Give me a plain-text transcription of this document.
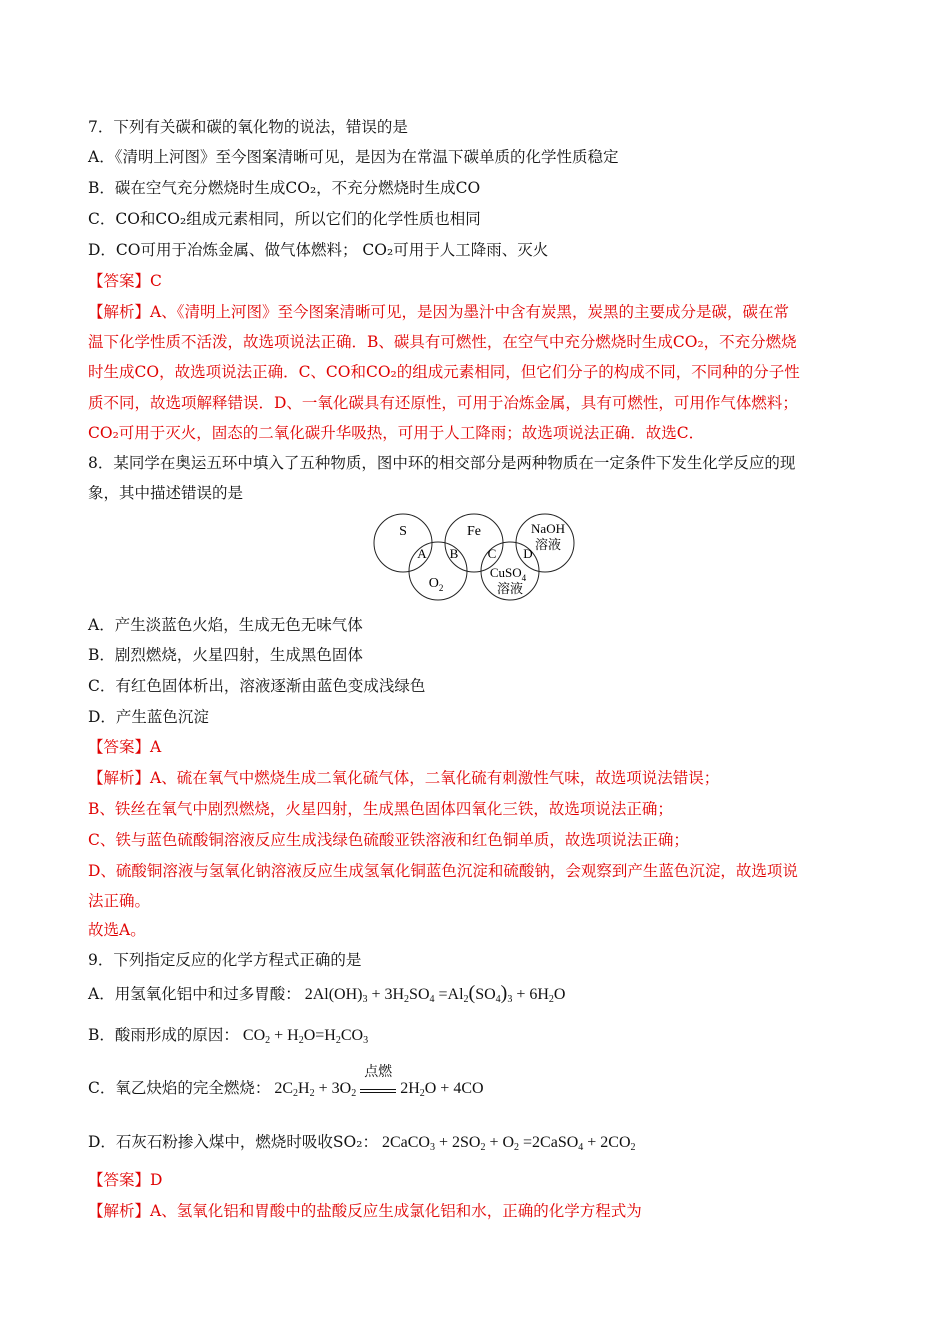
7．下列有关碳和碳的氧化物的说法，错误的是
A．《清明上河图》至今图案清晰可见，是因为在常温下碳单质的化学性质稳定
B．碳在空气充分燃烧时生成CO₂，不充分燃烧时生成CO
C．CO和CO₂组成元素相同，所以它们的化学性质也相同
D．CO可用于冶炼金属、做气体燃料； CO₂可用于人工降雨、灭火
【答案】C
【解析】A、《清明上河图》至今图案清晰可见，是因为墨汁中含有炭黑，炭黑的主要成分是碳，碳在常
温下化学性质不活泼，故选项说法正确．B、碳具有可燃性，在空气中充分燃烧时生成CO₂，不充分燃烧
时生成CO，故选项说法正确．C、CO和CO₂的组成元素相同，但它们分子的构成不同，不同种的分子性
质不同，故选项解释错误．D、一氧化碳具有还原性，可用于冶炼金属，具有可燃性，可用作气体燃料；
CO₂可用于灭火，固态的二氧化碳升华吸热，可用于人工降雨；故选项说法正确．故选C．
8．某同学在奥运五环中填入了五种物质，图中环的相交部分是两种物质在一定条件下发生化学反应的现
象，其中描述错误的是
S	Fe	NaOH
溶液
$O_2$
CuSO$_4$
溶液
A B C D
A．产生淡蓝色火焰，生成无色无味气体
B．剧烈燃烧，火星四射，生成黑色固体
C．有红色固体析出，溶液逐渐由蓝色变成浅绿色
D．产生蓝色沉淀
【答案】A
【解析】A、硫在氧气中燃烧生成二氧化硫气体，二氧化硫有刺激性气味，故选项说法错误；
B、铁丝在氧气中剧烈燃烧，火星四射，生成黑色固体四氧化三铁，故选项说法正确；
C、铁与蓝色硫酸铜溶液反应生成浅绿色硫酸亚铁溶液和红色铜单质，故选项说法正确；
D、硫酸铜溶液与氢氧化钠溶液反应生成氢氧化铜蓝色沉淀和硫酸钠，会观察到产生蓝色沉淀，故选项说
法正确。
故选A。
9．下列指定反应的化学方程式正确的是
A．用氢氧化铝中和过多胃酸： $2Al(OH)_3 + 3H_2SO_4 =Al_2(SO_4)_3 + 6H_2O$
B．酸雨形成的原因： $CO_2 + H_2O=H_2CO_3$
C．氧乙炔焰的完全燃烧： $2C_2H_2 + 3O_2$
点燃
$2H_2O + 4CO$
D．石灰石粉掺入煤中，燃烧时吸收SO₂： 2CaCO$_3$ + $2SO_2 + O_2$ =2CaSO$_4$ + $2CO_2$
【答案】D
【解析】A、氢氧化铝和胃酸中的盐酸反应生成氯化铝和水，正确的化学方程式为
